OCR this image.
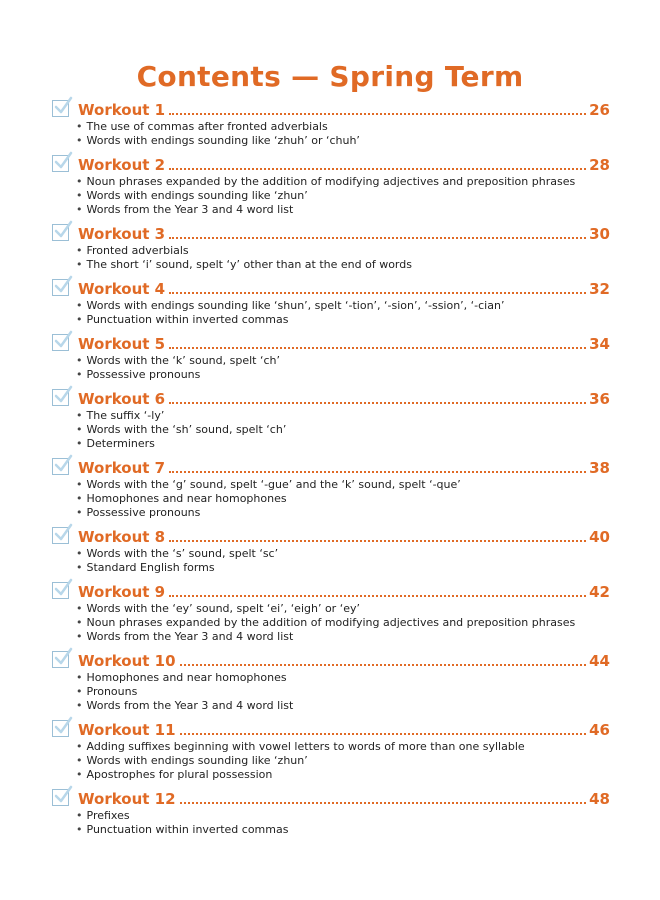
Contents — Spring Term
Workout 1	26
• The use of commas after fronted adverbials
• Words with endings sounding like ‘zhuh’ or ‘chuh’
Workout 2	28
• Noun phrases expanded by the addition of modifying adjectives and preposition phrases
• Words with endings sounding like ‘zhun’
• Words from the Year 3 and 4 word list
Workout 3	30
• Fronted adverbials
• The short ‘i’ sound, spelt ‘y’ other than at the end of words
Workout 4	32
• Words with endings sounding like ‘shun’, spelt ‘-tion’, ‘-sion’, ‘-ssion’, ‘-cian’
• Punctuation within inverted commas
Workout 5	34
• Words with the ‘k’ sound, spelt ‘ch’
• Possessive pronouns
Workout 6	36
• The suffix ‘-ly’
• Words with the ‘sh’ sound, spelt ‘ch’
• Determiners
Workout 7	38
• Words with the ‘g’ sound, spelt ‘-gue’ and the ‘k’ sound, spelt ‘-que’
• Homophones and near homophones
• Possessive pronouns
Workout 8	40
• Words with the ‘s’ sound, spelt ‘sc’
• Standard English forms
Workout 9	42
• Words with the ‘ey’ sound, spelt ‘ei’, ‘eigh’ or ‘ey’
• Noun phrases expanded by the addition of modifying adjectives and preposition phrases
• Words from the Year 3 and 4 word list
Workout 10	44
• Homophones and near homophones
• Pronouns
• Words from the Year 3 and 4 word list
Workout 11	46
• Adding suffixes beginning with vowel letters to words of more than one syllable
• Words with endings sounding like ‘zhun’
• Apostrophes for plural possession
Workout 12	48
• Prefixes
• Punctuation within inverted commas
